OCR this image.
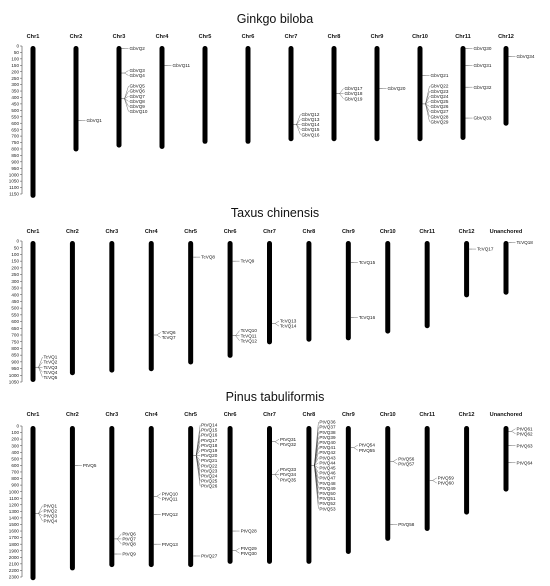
Ginkgo biloba
Taxus chinensis
Pinus tabuliformis
0
50
100
150
200
250
300
350
400
450
500
550
600
650
700
750
800
850
900
950
1000
1050
1100
1150
Chr1	Chr2	Chr3	Chr4	Chr5	Chr6	Chr7	Chr8	Chr9	Chr10	Chr11	Chr12
GbVQ1
GbVQ2
GbVQ3
GbVQ4
GbVQ5
GbVQ6
GbVQ7
GbVQ8
GbVQ9
GbVQ10
GbVQ11
GbVQ12
GbVQ13
GbVQ14
GbVQ15
GbVQ16
GbVQ17
GbVQ18
GbVQ19
GbVQ20
GbVQ21
GbVQ22
GbVQ23
GbVQ24
GbVQ25
GbVQ26
GbVQ27
GbVQ28
GbVQ29
GbVQ30
GbVQ31
GbVQ32
GbVQ33
GbVQ34
0
50
100
150
200
250
300
350
400
450
500
550
600
650
700
750
800
850
900
950
1000
1050
Chr1	Chr2	Chr3	Chr4	Chr5	Chr6	Chr7	Chr8	Chr9	Chr10	Chr11	Chr12	Unanchored
TcVQ1
TcVQ2
TcVQ3
TcVQ4
TcVQ5
TcVQ6
TcVQ7
TcVQ8
TcVQ9
TcVQ10
TcVQ11
TcVQ12
TcVQ13
TcVQ14
TcVQ15
TcVQ16
TcVQ17
TcVQ18
0
100
200
300
400
500
600
700
800
900
1000
1100
1200
1300
1400
1500
1600
1700
1800
1900
2000
2100
2200
2300
Chr1	Chr2	Chr3	Chr4	Chr5	Chr6	Chr7	Chr8	Chr9	Chr10	Chr11	Chr12	Unanchored
PtVQ1
PtVQ2
PtVQ3
PtVQ4
PtVQ5
PtVQ6
PtVQ7
PtVQ8
PtVQ9
PtVQ10
PtVQ11
PtVQ12
PtVQ13
PtVQ14
PtVQ15
PtVQ16
PtVQ17
PtVQ18
PtVQ19
PtVQ20
PtVQ21
PtVQ22
PtVQ23
PtVQ24
PtVQ25
PtVQ26
PtVQ27
PtVQ28
PtVQ29
PtVQ30
PtVQ31
PtVQ32
PtVQ33
PtVQ34
PtVQ35
PtVQ36
PtVQ37
PtVQ38
PtVQ39
PtVQ40
PtVQ41
PtVQ42
PtVQ43
PtVQ44
PtVQ45
PtVQ46
PtVQ47
PtVQ48
PtVQ49
PtVQ50
PtVQ51
PtVQ52
PtVQ53
PtVQ54
PtVQ55
PtVQ56
PtVQ57
PtVQ58
PtVQ59
PtVQ60
PtVQ61
PtVQ62
PtVQ63
PtVQ64
